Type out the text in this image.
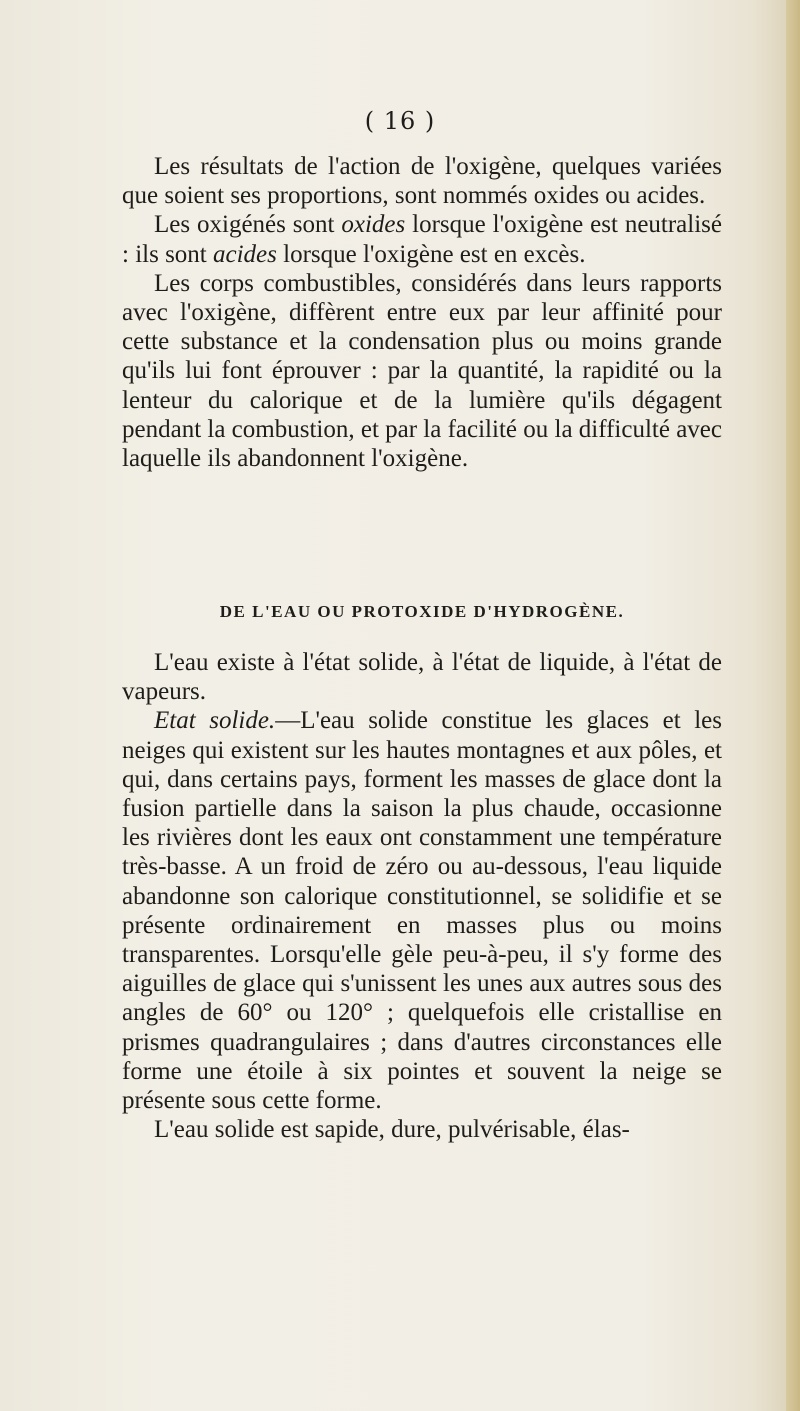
( 16 )

Les résultats de l'action de l'oxigène, quelques variées que soient ses proportions, sont nommés oxides ou acides.

Les oxigénés sont oxides lorsque l'oxigène est neutralisé : ils sont acides lorsque l'oxigène est en excès.

Les corps combustibles, considérés dans leurs rapports avec l'oxigène, diffèrent entre eux par leur affinité pour cette substance et la condensation plus ou moins grande qu'ils lui font éprouver : par la quantité, la rapidité ou la lenteur du calorique et de la lumière qu'ils dégagent pendant la combustion, et par la facilité ou la difficulté avec laquelle ils abandonnent l'oxigène.

DE L'EAU OU PROTOXIDE D'HYDROGÈNE.

L'eau existe à l'état solide, à l'état de liquide, à l'état de vapeurs.

Etat solide.—L'eau solide constitue les glaces et les neiges qui existent sur les hautes montagnes et aux pôles, et qui, dans certains pays, forment les masses de glace dont la fusion partielle dans la saison la plus chaude, occasionne les rivières dont les eaux ont constamment une température très-basse. A un froid de zéro ou au-dessous, l'eau liquide abandonne son calorique constitutionnel, se solidifie et se présente ordinairement en masses plus ou moins transparentes. Lorsqu'elle gèle peu-à-peu, il s'y forme des aiguilles de glace qui s'unissent les unes aux autres sous des angles de 60° ou 120° ; quelquefois elle cristallise en prismes quadrangulaires ; dans d'autres circonstances elle forme une étoile à six pointes et souvent la neige se présente sous cette forme.

L'eau solide est sapide, dure, pulvérisable, élas-
